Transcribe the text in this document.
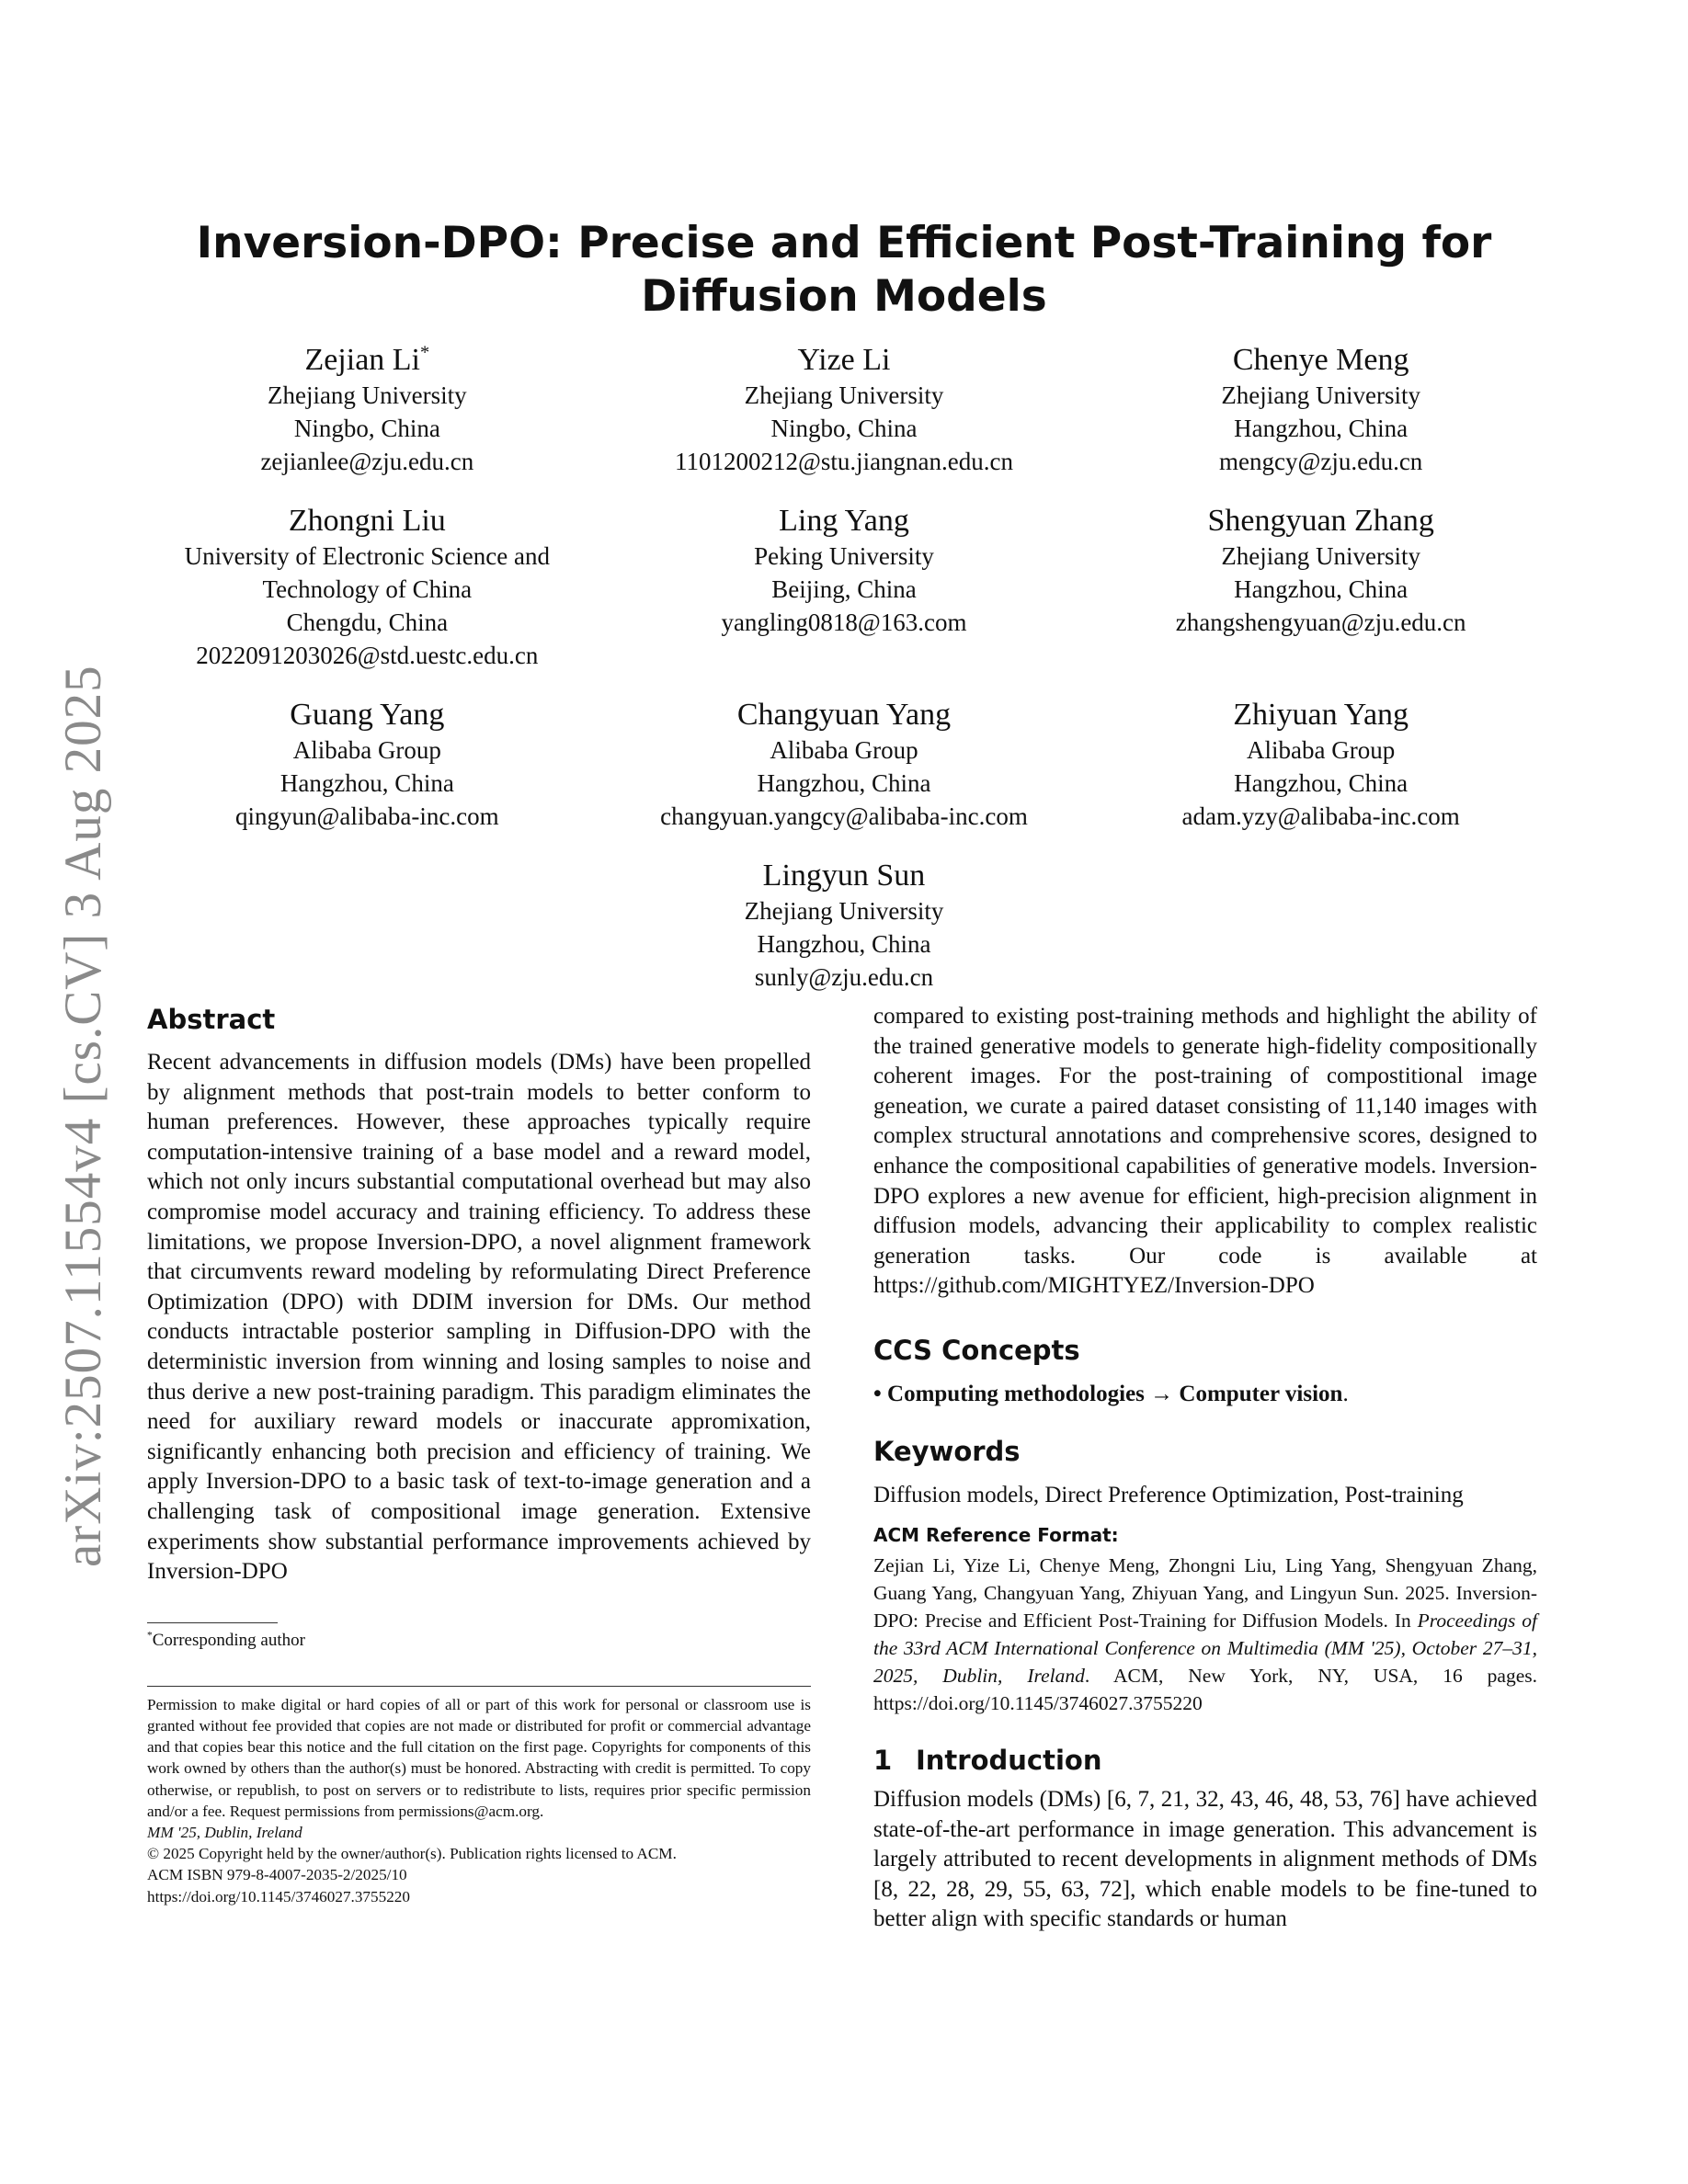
arXiv:2507.11554v4 [cs.CV] 3 Aug 2025
Inversion-DPO: Precise and Efficient Post-Training for Diffusion Models
Zejian Li*
Zhejiang University
Ningbo, China
zejianlee@zju.edu.cn
Yize Li
Zhejiang University
Ningbo, China
1101200212@stu.jiangnan.edu.cn
Chenye Meng
Zhejiang University
Hangzhou, China
mengcy@zju.edu.cn
Zhongni Liu
University of Electronic Science and
Technology of China
Chengdu, China
2022091203026@std.uestc.edu.cn
Ling Yang
Peking University
Beijing, China
yangling0818@163.com
Shengyuan Zhang
Zhejiang University
Hangzhou, China
zhangshengyuan@zju.edu.cn
Guang Yang
Alibaba Group
Hangzhou, China
qingyun@alibaba-inc.com
Changyuan Yang
Alibaba Group
Hangzhou, China
changyuan.yangcy@alibaba-inc.com
Zhiyuan Yang
Alibaba Group
Hangzhou, China
adam.yzy@alibaba-inc.com
Lingyun Sun
Zhejiang University
Hangzhou, China
sunly@zju.edu.cn
Abstract

Recent advancements in diffusion models (DMs) have been propelled by alignment methods that post-train models to better conform to human preferences. However, these approaches typically require computation-intensive training of a base model and a reward model, which not only incurs substantial computational overhead but may also compromise model accuracy and training efficiency. To address these limitations, we propose Inversion-DPO, a novel alignment framework that circumvents reward modeling by reformulating Direct Preference Optimization (DPO) with DDIM inversion for DMs. Our method conducts intractable posterior sampling in Diffusion-DPO with the deterministic inversion from winning and losing samples to noise and thus derive a new post-training paradigm. This paradigm eliminates the need for auxiliary reward models or inaccurate appromixation, significantly enhancing both precision and efficiency of training. We apply Inversion-DPO to a basic task of text-to-image generation and a challenging task of compositional image generation. Extensive experiments show substantial performance improvements achieved by Inversion-DPO

*Corresponding author

Permission to make digital or hard copies of all or part of this work for personal or classroom use is granted without fee provided that copies are not made or distributed for profit or commercial advantage and that copies bear this notice and the full citation on the first page. Copyrights for components of this work owned by others than the author(s) must be honored. Abstracting with credit is permitted. To copy otherwise, or republish, to post on servers or to redistribute to lists, requires prior specific permission and/or a fee. Request permissions from permissions@acm.org.

MM '25, Dublin, Ireland
© 2025 Copyright held by the owner/author(s). Publication rights licensed to ACM.
ACM ISBN 979-8-4007-2035-2/2025/10
https://doi.org/10.1145/3746027.3755220

compared to existing post-training methods and highlight the ability of the trained generative models to generate high-fidelity compositionally coherent images. For the post-training of compostitional image geneation, we curate a paired dataset consisting of 11,140 images with complex structural annotations and comprehensive scores, designed to enhance the compositional capabilities of generative models. Inversion-DPO explores a new avenue for efficient, high-precision alignment in diffusion models, advancing their applicability to complex realistic generation tasks. Our code is available at https://github.com/MIGHTYEZ/Inversion-DPO

CCS Concepts

• Computing methodologies → Computer vision.

Keywords

Diffusion models, Direct Preference Optimization, Post-training

ACM Reference Format:

Zejian Li, Yize Li, Chenye Meng, Zhongni Liu, Ling Yang, Shengyuan Zhang, Guang Yang, Changyuan Yang, Zhiyuan Yang, and Lingyun Sun. 2025. Inversion-DPO: Precise and Efficient Post-Training for Diffusion Models. In Proceedings of the 33rd ACM International Conference on Multimedia (MM '25), October 27–31, 2025, Dublin, Ireland. ACM, New York, NY, USA, 16 pages. https://doi.org/10.1145/3746027.3755220

1 Introduction

Diffusion models (DMs) [6, 7, 21, 32, 43, 46, 48, 53, 76] have achieved state-of-the-art performance in image generation. This advancement is largely attributed to recent developments in alignment methods of DMs [8, 22, 28, 29, 55, 63, 72], which enable models to be fine-tuned to better align with specific standards or human
